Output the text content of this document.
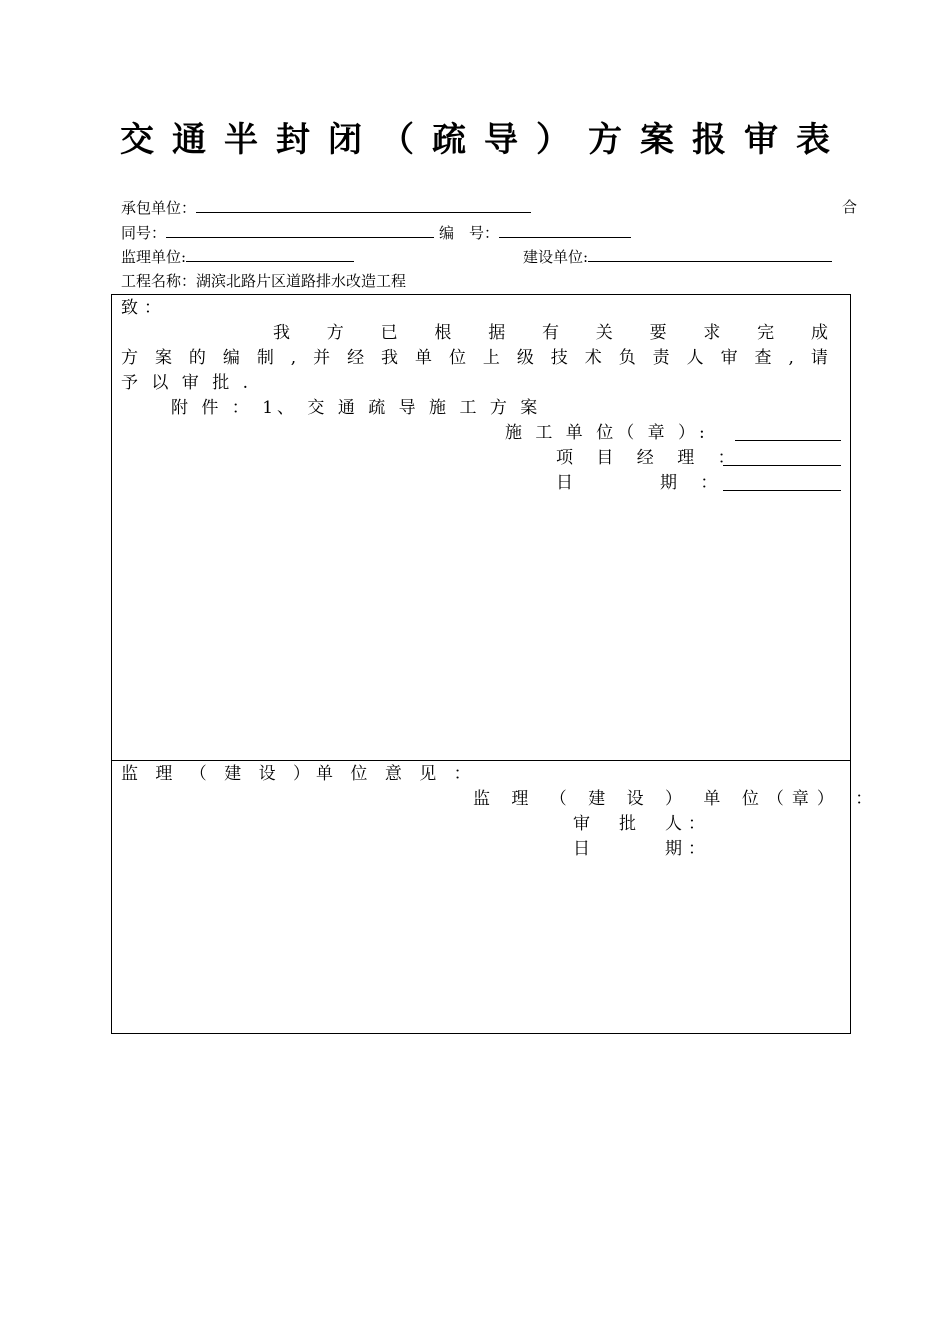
交通半封闭（疏导）方案报审表
承包单位：	合
同号：	编　号：
监理单位:	建设单位:
工程名称：湖滨北路片区道路排水改造工程
致：
我 方 已 根 据 有 关 要 求 完 成
方 案 的 编 制 , 并 经 我 单 位 上 级 技 术 负 责 人 审 查 , 请
予 以 审 批 .
附 件 ： 1、 交 通 疏 导 施 工 方 案
施 工 单 位（ 章 ）:
项 目 经 理 ：
日　　　期 ：
监 理 （ 建 设 ）单 位 意 见 ：
监 理 （ 建 设 ） 单 位（章） ：
审　批　人：
日　　　期：
